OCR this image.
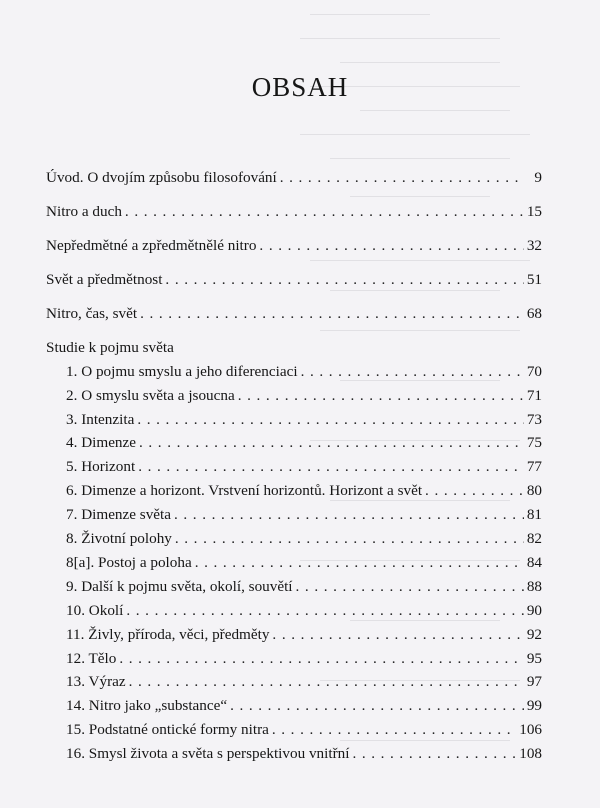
OBSAH
Úvod. O dvojím způsobu filosofování . . .	9
Nitro a duch . . .	15
Nepředmětné a zpředmětnělé nitro . . .	32
Svět a předmětnost . . .	51
Nitro, čas, svět . . .	68
Studie k pojmu světa
1. O pojmu smyslu a jeho diferenciaci . . .	70
2. O smyslu světa a jsoucna . . .	71
3. Intenzita . . .	73
4. Dimenze . . .	75
5. Horizont . . .	77
6. Dimenze a horizont. Vrstvení horizontů. Horizont a svět . . .	80
7. Dimenze světa . . .	81
8. Životní polohy . . .	82
8[a]. Postoj a poloha . . .	84
9. Další k pojmu světa, okolí, souvětí . . .	88
10. Okolí . . .	90
11. Živly, příroda, věci, předměty . . .	92
12. Tělo . . .	95
13. Výraz . . .	97
14. Nitro jako „substance“ . . .	99
15. Podstatné ontické formy nitra . . .	106
16. Smysl života a světa s perspektivou vnitřní . . .	108
